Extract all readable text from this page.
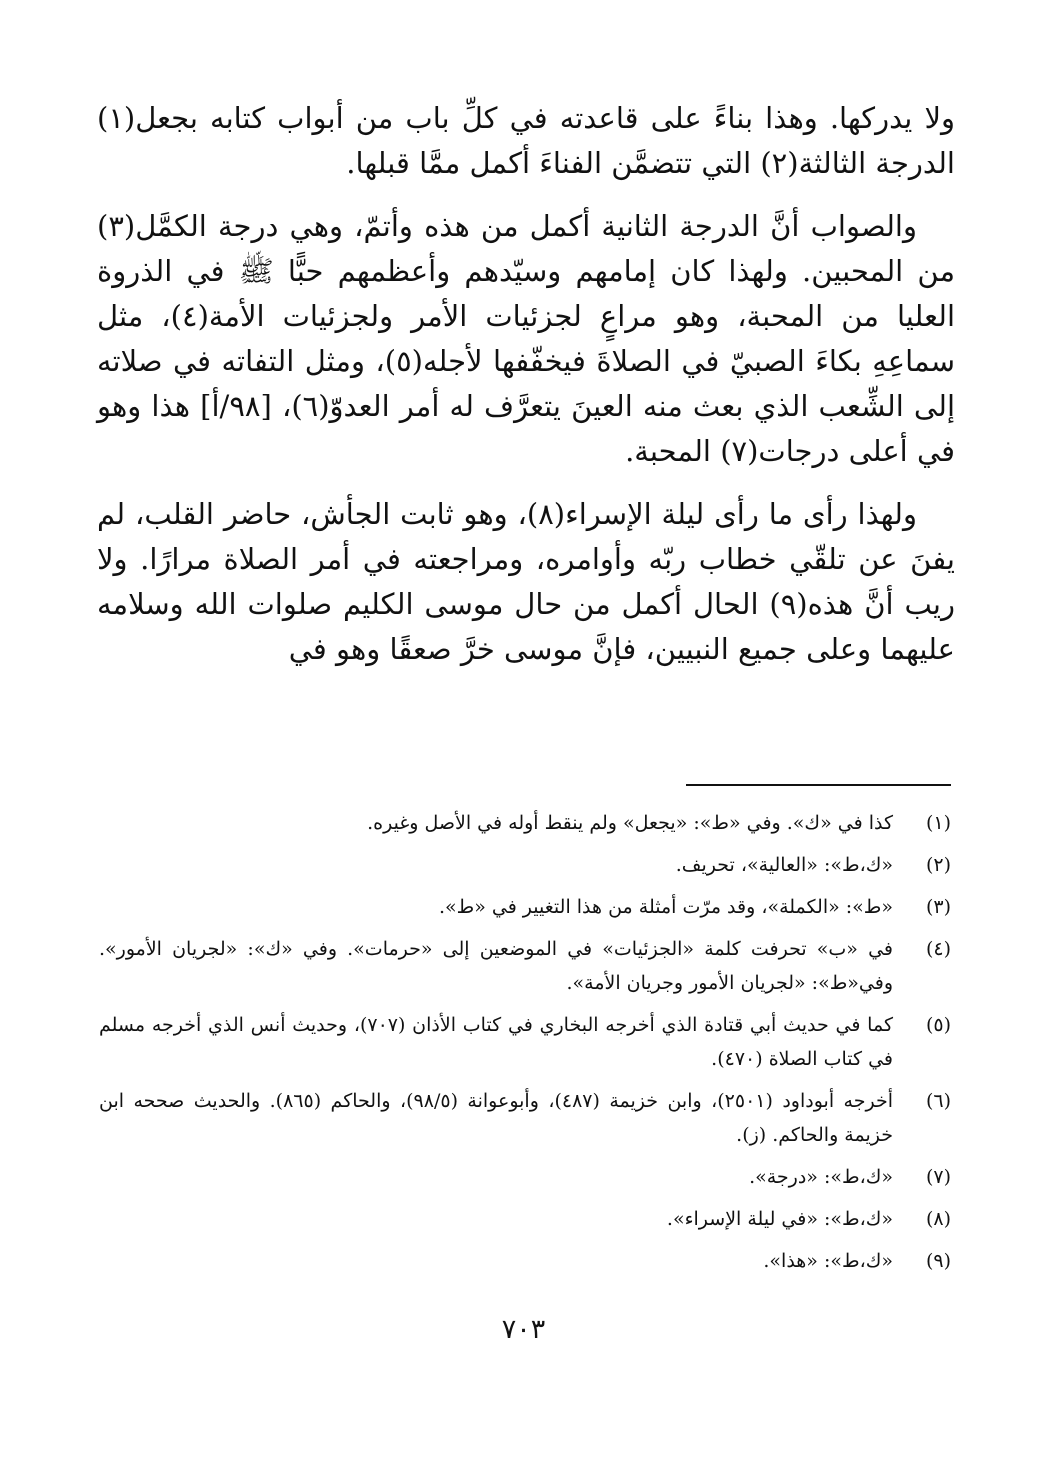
ولا يدركها. وهذا بناءً على قاعدته في كلِّ باب من أبواب كتابه بجعل(١) الدرجة الثالثة(٢) التي تتضمَّن الفناءَ أكمل ممَّا قبلها.

والصواب أنَّ الدرجة الثانية أكمل من هذه وأتمّ، وهي درجة الكمَّل(٣) من المحبين. ولهذا كان إمامهم وسيّدهم وأعظمهم حبًّا ﷺ في الذروة العليا من المحبة، وهو مراعٍ لجزئيات الأمر ولجزئيات الأمة(٤)، مثل سماعِهِ بكاءَ الصبيّ في الصلاةَ فيخفّفها لأجله(٥)، ومثل التفاته في صلاته إلى الشِّعب الذي بعث منه العينَ يتعرَّف له أمر العدوّ(٦)، [٩٨/أ] هذا وهو في أعلى درجات(٧) المحبة.

ولهذا رأى ما رأى ليلة الإسراء(٨)، وهو ثابت الجأش، حاضر القلب، لم يفنَ عن تلقّي خطاب ربّه وأوامره، ومراجعته في أمر الصلاة مرارًا. ولا ريب أنَّ هذه(٩) الحال أكمل من حال موسى الكليم صلوات الله وسلامه عليهما وعلى جميع النبيين، فإنَّ موسى خرَّ صعقًا وهو في

(١)
كذا في «ك». وفي «ط»: «يجعل» ولم ينقط أوله في الأصل وغيره.
(٢)
«ك،ط»: «العالية»، تحريف.
(٣)
«ط»: «الكملة»، وقد مرّت أمثلة من هذا التغيير في «ط».
(٤)
في «ب» تحرفت كلمة «الجزئيات» في الموضعين إلى «حرمات». وفي «ك»: «لجريان الأمور». وفي«ط»: «لجريان الأمور وجريان الأمة».
(٥)
كما في حديث أبي قتادة الذي أخرجه البخاري في كتاب الأذان (٧٠٧)، وحديث أنس الذي أخرجه مسلم في كتاب الصلاة (٤٧٠).
(٦)
أخرجه أبوداود (٢٥٠١)، وابن خزيمة (٤٨٧)، وأبوعوانة (٩٨/٥)، والحاكم (٨٦٥). والحديث صححه ابن خزيمة والحاكم. (ز).
(٧)
«ك،ط»: «درجة».
(٨)
«ك،ط»: «في ليلة الإسراء».
(٩)
«ك،ط»: «هذا».
٧٠٣
